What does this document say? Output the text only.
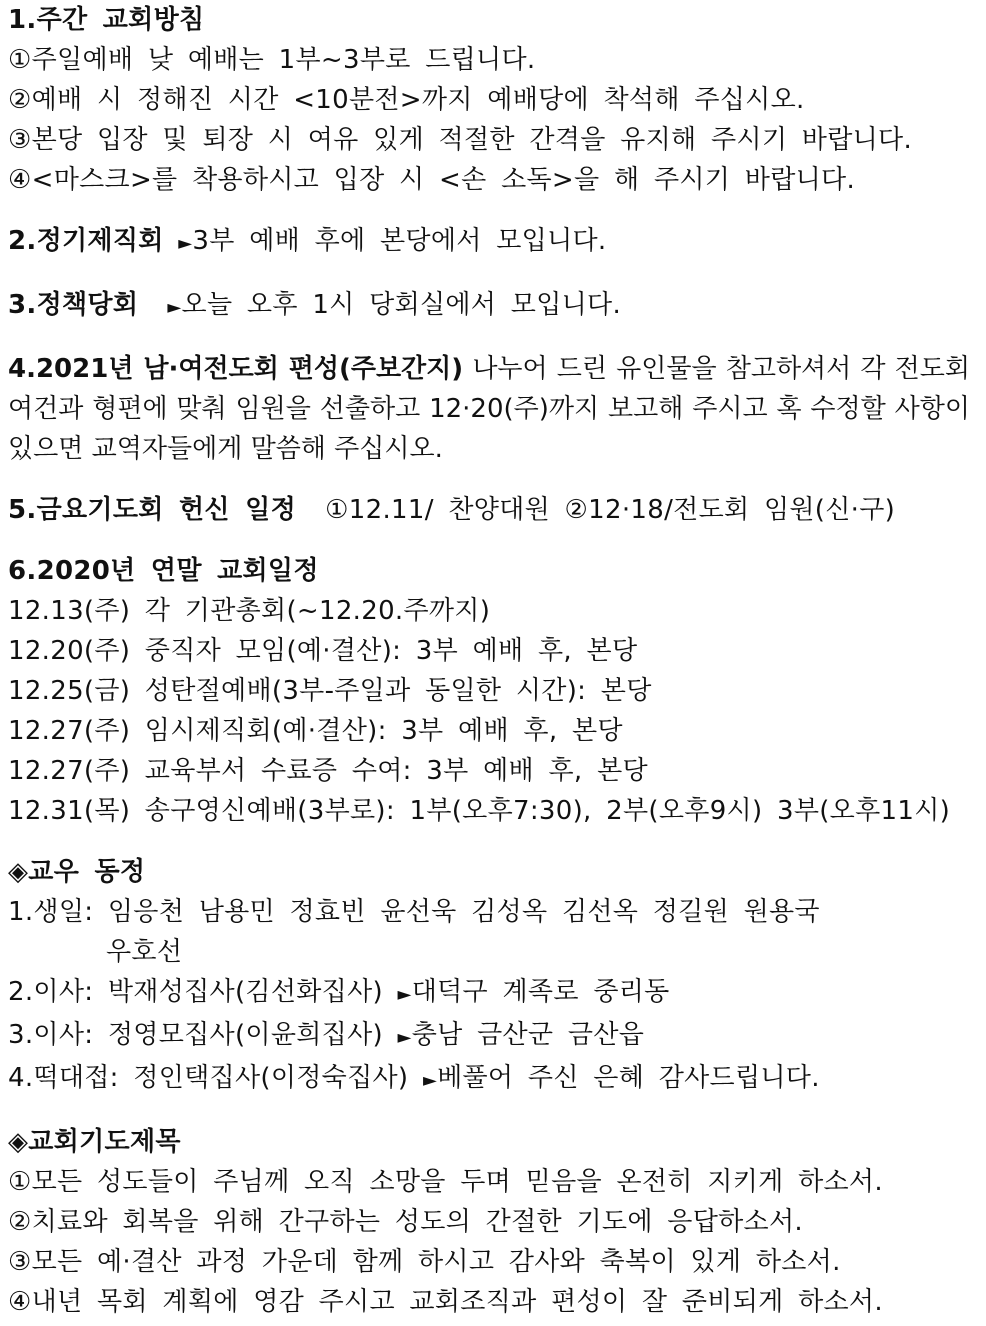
1.주간 교회방침
①주일예배 낮 예배는 1부~3부로 드립니다.
②예배 시 정해진 시간 <10분전>까지 예배당에 착석해 주십시오.
③본당 입장 및 퇴장 시 여유 있게 적절한 간격을 유지해 주시기 바랍니다.
④<마스크>를 착용하시고 입장 시 <손 소독>을 해 주시기 바랍니다.
2.정기제직회 ►3부 예배 후에 본당에서 모입니다.
3.정책당회 ►오늘 오후 1시 당회실에서 모입니다.
4.2021년 남·여전도회 편성(주보간지) 나누어 드린 유인물을 참고하셔서 각 전도회 여건과 형편에 맞춰 임원을 선출하고 12·20(주)까지 보고해 주시고 혹 수정할 사항이 있으면 교역자들에게 말씀해 주십시오.
5.금요기도회 헌신 일정 ①12.11/ 찬양대원 ②12·18/전도회 임원(신·구)
6.2020년 연말 교회일정
12.13(주) 각 기관총회(~12.20.주까지)
12.20(주) 중직자 모임(예·결산): 3부 예배 후, 본당
12.25(금) 성탄절예배(3부-주일과 동일한 시간): 본당
12.27(주) 임시제직회(예·결산): 3부 예배 후, 본당
12.27(주) 교육부서 수료증 수여: 3부 예배 후, 본당
12.31(목) 송구영신예배(3부로): 1부(오후7:30), 2부(오후9시) 3부(오후11시)
◈교우 동정
1.생일: 임응천 남용민 정효빈 윤선욱 김성옥 김선옥 정길원 원용국
우호선
2.이사: 박재성집사(김선화집사) ►대덕구 계족로 중리동
3.이사: 정영모집사(이윤희집사) ►충남 금산군 금산읍
4.떡대접: 정인택집사(이정숙집사) ►베풀어 주신 은혜 감사드립니다.
◈교회기도제목
①모든 성도들이 주님께 오직 소망을 두며 믿음을 온전히 지키게 하소서.
②치료와 회복을 위해 간구하는 성도의 간절한 기도에 응답하소서.
③모든 예·결산 과정 가운데 함께 하시고 감사와 축복이 있게 하소서.
④내년 목회 계획에 영감 주시고 교회조직과 편성이 잘 준비되게 하소서.
